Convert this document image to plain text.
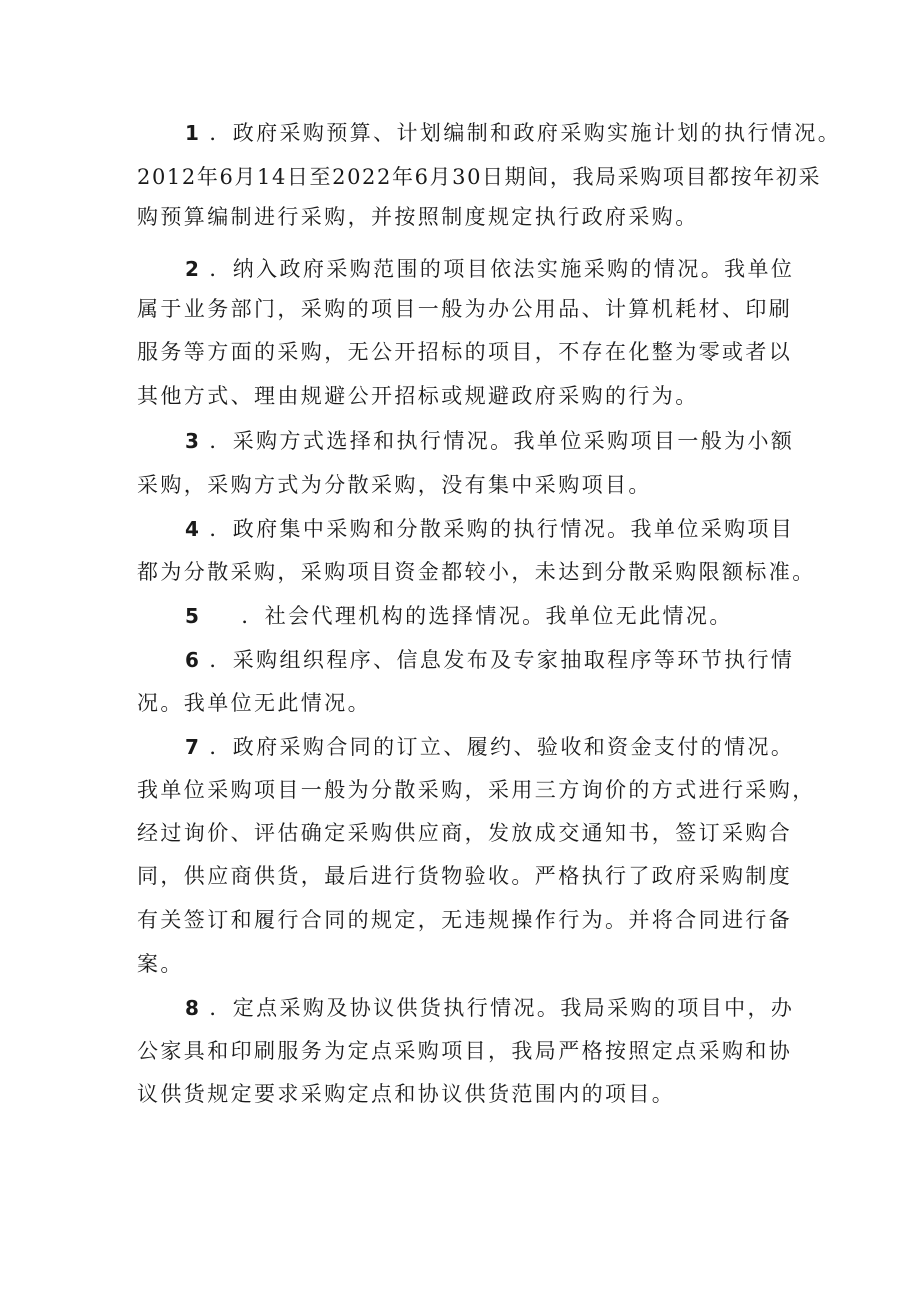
1 ．政府采购预算、计划编制和政府采购实施计划的执行情况。
2012年6月14日至2022年6月30日期间，我局采购项目都按年初采
购预算编制进行采购，并按照制度规定执行政府采购。
2 ．纳入政府采购范围的项目依法实施采购的情况。我单位
属于业务部门，采购的项目一般为办公用品、计算机耗材、印刷
服务等方面的采购，无公开招标的项目，不存在化整为零或者以
其他方式、理由规避公开招标或规避政府采购的行为。
3 ．采购方式选择和执行情况。我单位采购项目一般为小额
采购，采购方式为分散采购，没有集中采购项目。
4 ．政府集中采购和分散采购的执行情况。我单位采购项目
都为分散采购，采购项目资金都较小，未达到分散采购限额标准。
5 ．社会代理机构的选择情况。我单位无此情况。
6 ．采购组织程序、信息发布及专家抽取程序等环节执行情
况。我单位无此情况。
7 ．政府采购合同的订立、履约、验收和资金支付的情况。
我单位采购项目一般为分散采购，采用三方询价的方式进行采购，
经过询价、评估确定采购供应商，发放成交通知书，签订采购合
同，供应商供货，最后进行货物验收。严格执行了政府采购制度
有关签订和履行合同的规定，无违规操作行为。并将合同进行备
案。
8 ．定点采购及协议供货执行情况。我局采购的项目中，办
公家具和印刷服务为定点采购项目，我局严格按照定点采购和协
议供货规定要求采购定点和协议供货范围内的项目。
